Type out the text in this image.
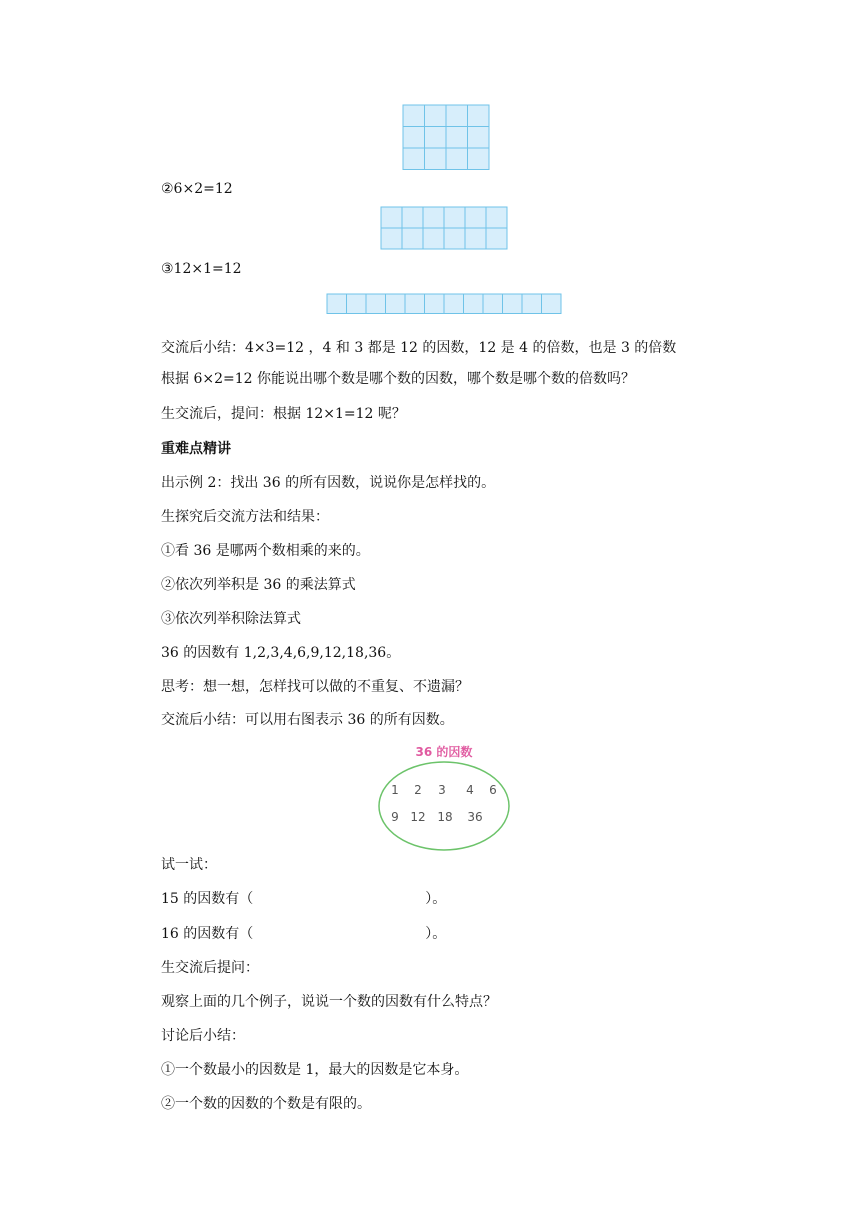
②6×2=12
③12×1=12
交流后小结：4×3=12 ，4 和 3 都是 12 的因数，12 是 4 的倍数，也是 3 的倍数
根据 6×2=12 你能说出哪个数是哪个数的因数，哪个数是哪个数的倍数吗？
生交流后，提问：根据 12×1=12 呢？
重难点精讲
出示例 2：找出 36 的所有因数，说说你是怎样找的。
生探究后交流方法和结果：
①看 36 是哪两个数相乘的来的。
②依次列举积是 36 的乘法算式
③依次列举积除法算式
36 的因数有 1,2,3,4,6,9,12,18,36。
思考：想一想，怎样找可以做的不重复、不遗漏？
交流后小结：可以用右图表示 36 的所有因数。
36 的因数
1 2 3 4 6
9 12 18 36
试一试：
15 的因数有（	）。
16 的因数有（	）。
生交流后提问：
观察上面的几个例子，说说一个数的因数有什么特点？
讨论后小结：
①一个数最小的因数是 1，最大的因数是它本身。
②一个数的因数的个数是有限的。
